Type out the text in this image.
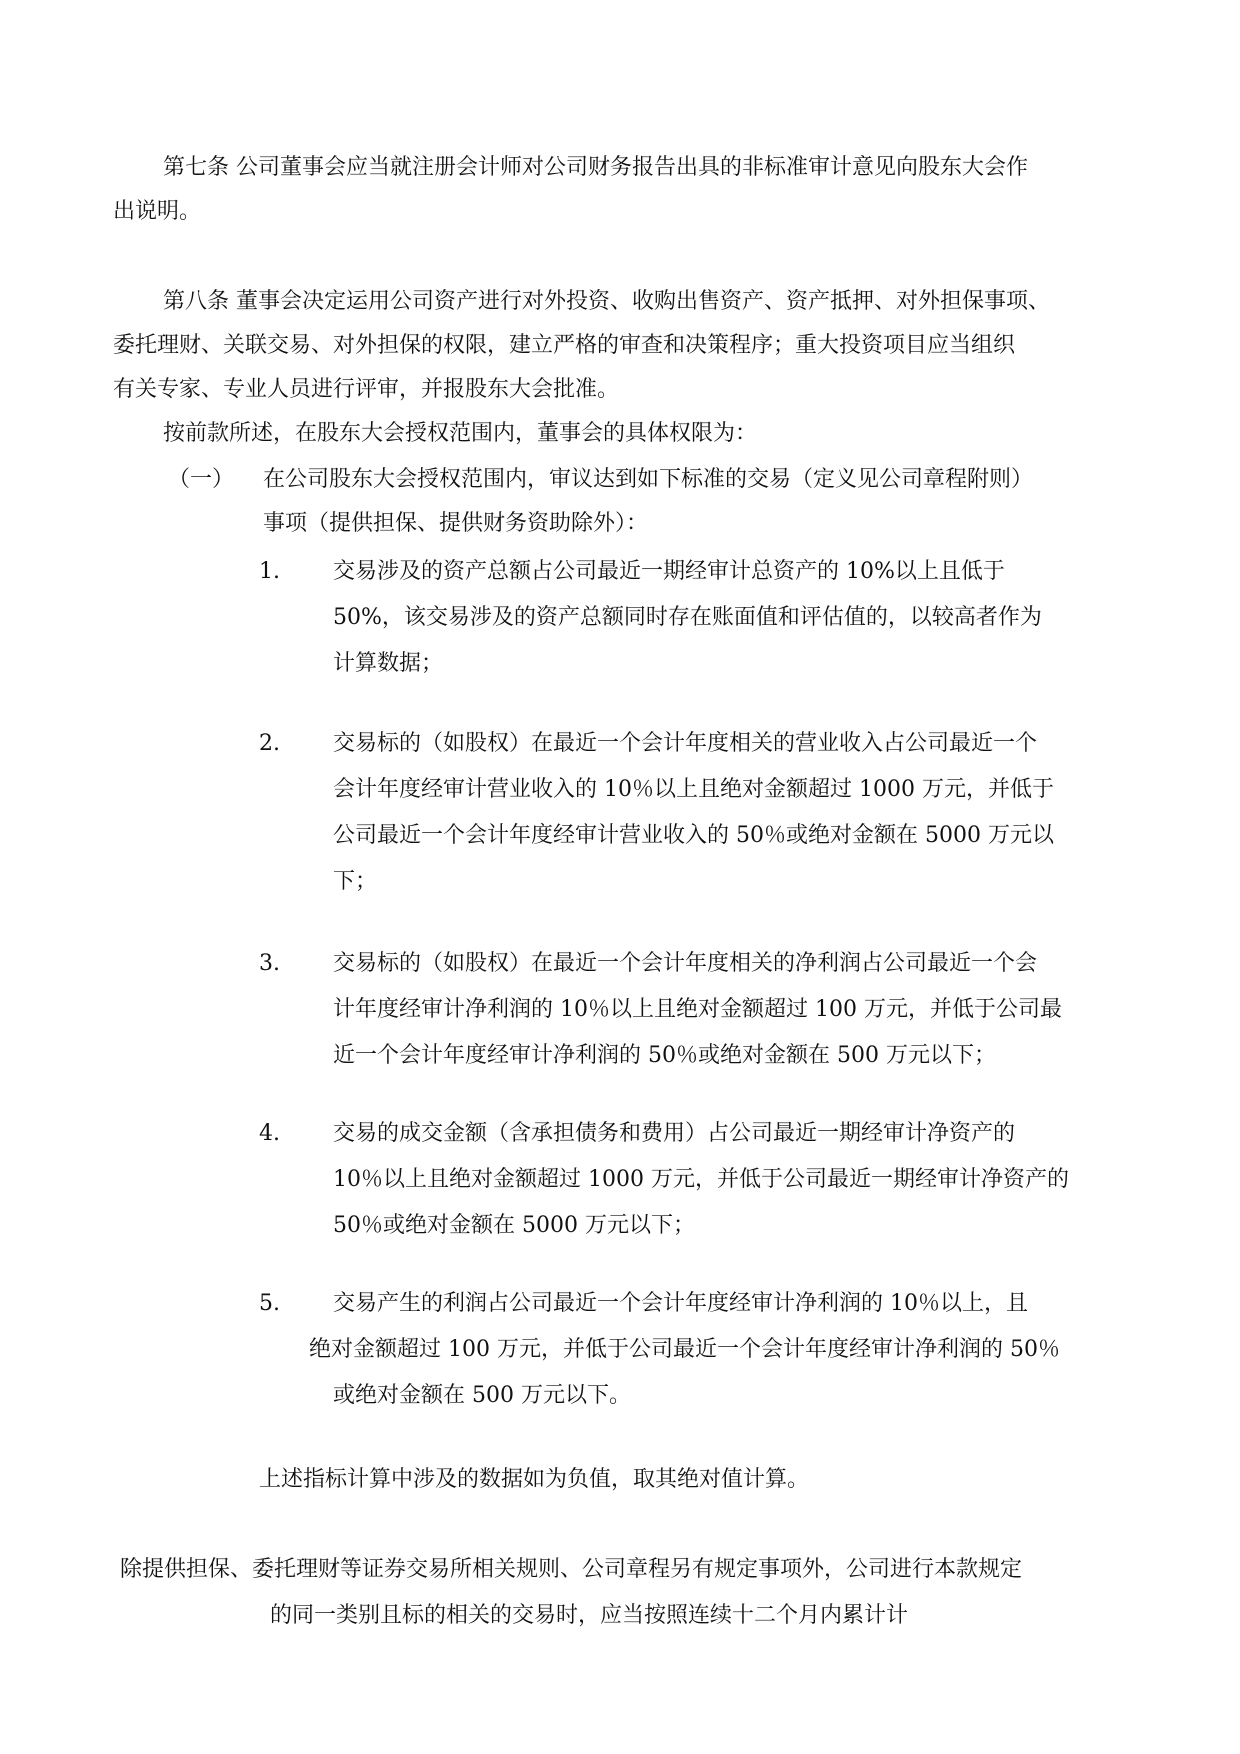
第七条 公司董事会应当就注册会计师对公司财务报告出具的非标准审计意见向股东大会作
出说明。
第八条 董事会决定运用公司资产进行对外投资、收购出售资产、资产抵押、对外担保事项、
委托理财、关联交易、对外担保的权限，建立严格的审查和决策程序；重大投资项目应当组织
有关专家、专业人员进行评审，并报股东大会批准。
按前款所述，在股东大会授权范围内，董事会的具体权限为：
（一） 在公司股东大会授权范围内，审议达到如下标准的交易（定义见公司章程附则）
事项（提供担保、提供财务资助除外）：
1. 交易涉及的资产总额占公司最近一期经审计总资产的 10%以上且低于
50%，该交易涉及的资产总额同时存在账面值和评估值的，以较高者作为
计算数据；
2. 交易标的（如股权）在最近一个会计年度相关的营业收入占公司最近一个
会计年度经审计营业收入的 10％以上且绝对金额超过 1000 万元，并低于
公司最近一个会计年度经审计营业收入的 50％或绝对金额在 5000 万元以
下；
3. 交易标的（如股权）在最近一个会计年度相关的净利润占公司最近一个会
计年度经审计净利润的 10％以上且绝对金额超过 100 万元，并低于公司最
近一个会计年度经审计净利润的 50％或绝对金额在 500 万元以下；
4. 交易的成交金额（含承担债务和费用）占公司最近一期经审计净资产的
10％以上且绝对金额超过 1000 万元，并低于公司最近一期经审计净资产的
50％或绝对金额在 5000 万元以下；
5. 交易产生的利润占公司最近一个会计年度经审计净利润的 10％以上，且
绝对金额超过 100 万元，并低于公司最近一个会计年度经审计净利润的 50％
或绝对金额在 500 万元以下。
上述指标计算中涉及的数据如为负值，取其绝对值计算。
除提供担保、委托理财等证券交易所相关规则、公司章程另有规定事项外，公司进行本款规定
的同一类别且标的相关的交易时，应当按照连续十二个月内累计计
